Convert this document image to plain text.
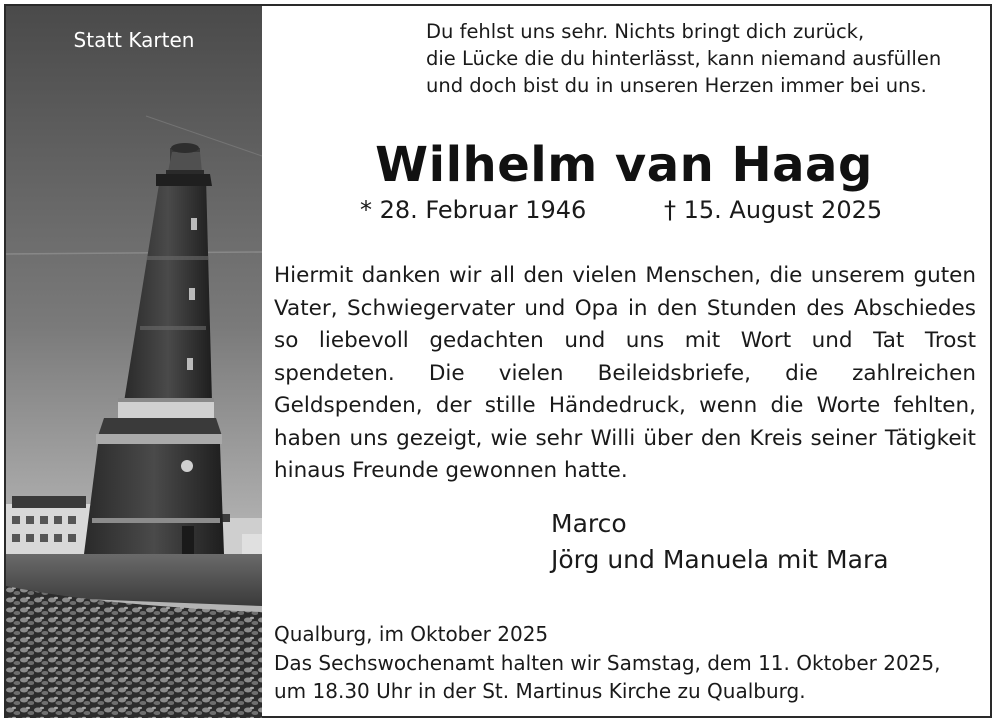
Statt Karten	Du fehlst uns sehr. Nichts bringt dich zurück,
die Lücke die du hinterlässt, kann niemand ausfüllen
und doch bist du in unseren Herzen immer bei uns.
Wilhelm van Haag
* 28. Februar 1946	† 15. August 2025

Hiermit danken wir all den vielen Menschen, die unserem guten Vater, Schwiegervater und Opa in den Stunden des Abschiedes so liebevoll gedachten und uns mit Wort und Tat Trost spendeten. Die vielen Beileidsbriefe, die zahlreichen Geldspenden, der stille Händedruck, wenn die Worte fehlten, haben uns gezeigt, wie sehr Willi über den Kreis seiner Tätigkeit hinaus Freunde gewonnen hatte.

Marco
Jörg und Manuela mit Mara
Qualburg, im Oktober 2025
Das Sechswochenamt halten wir Samstag, dem 11. Oktober 2025,
um 18.30 Uhr in der St. Martinus Kirche zu Qualburg.
